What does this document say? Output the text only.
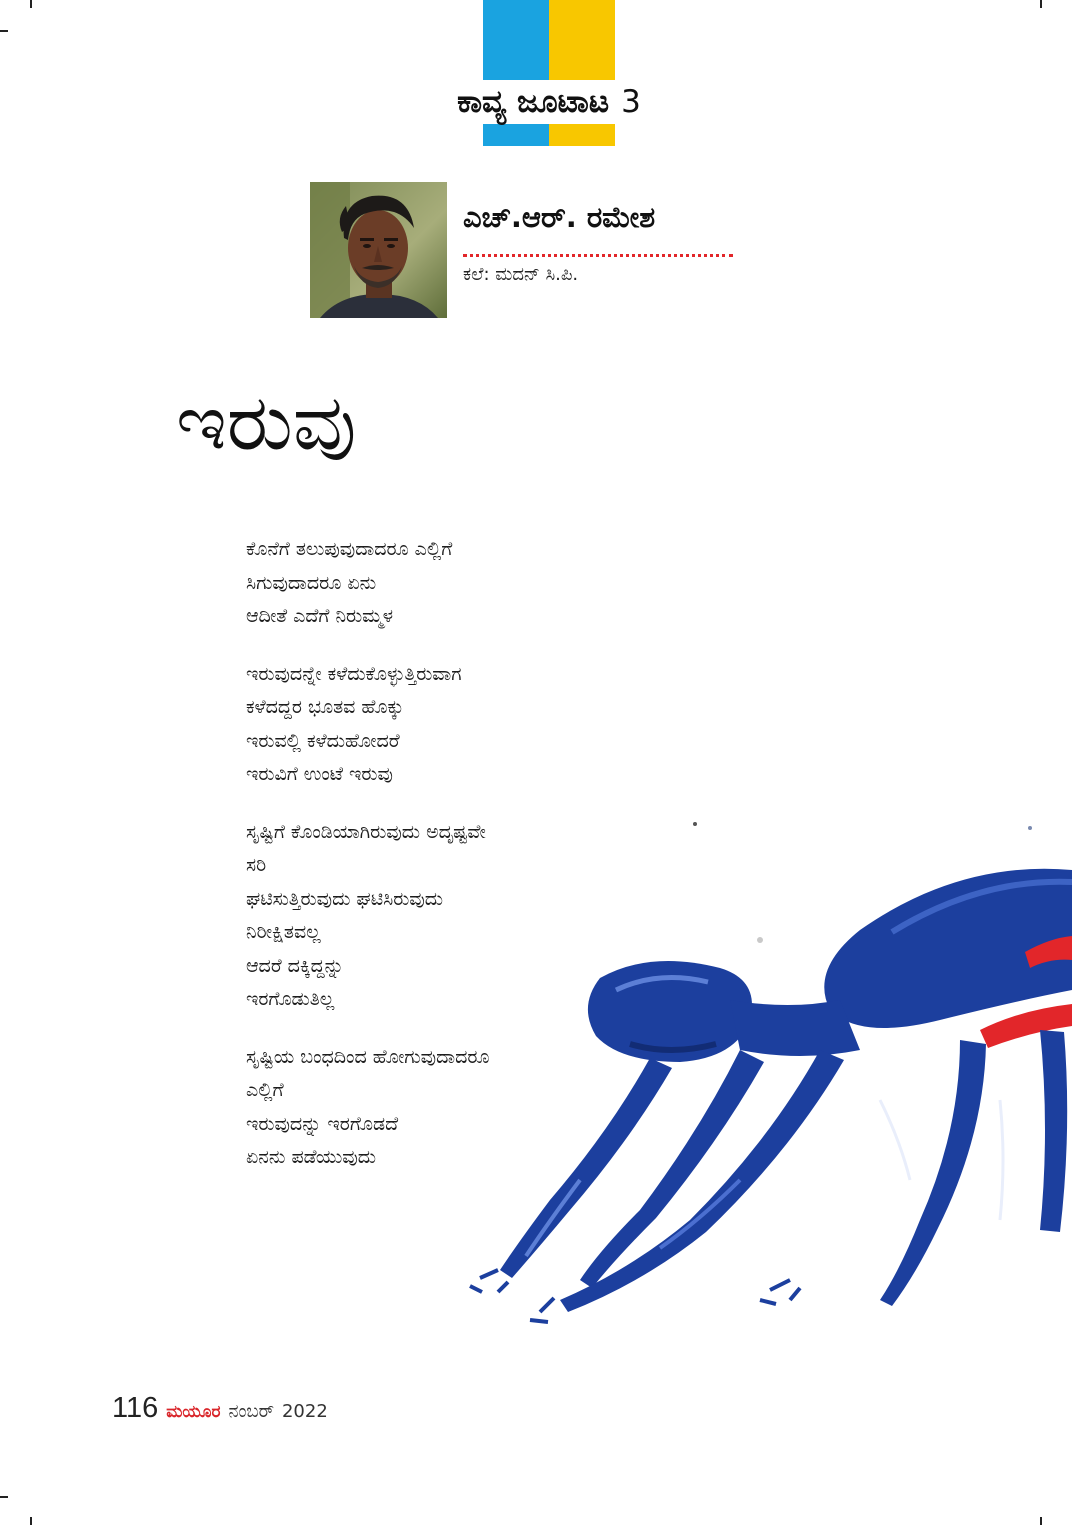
ಕಾವ್ಯ ಜೂಟಾಟ 3
ಎಚ್‌.ಆರ್‌. ರಮೇಶ
ಕಲೆ: ಮದನ್‌ ಸಿ.ಪಿ.
ಇರುವು
ಕೊನೆಗೆ ತಲುಪುವುದಾದರೂ ಎಲ್ಲಿಗೆ
ಸಿಗುವುದಾದರೂ ಏನು
ಆದೀತೆ ಎದೆಗೆ ನಿರುಮ್ಮಳ
ಇರುವುದನ್ನೇ ಕಳೆದುಕೊಳ್ಳುತ್ತಿರುವಾಗ
ಕಳೆದದ್ದರ ಭೂತವ ಹೊಕ್ಕು
ಇರುವಲ್ಲಿ ಕಳೆದುಹೋದರೆ
ಇರುವಿಗೆ ಉಂಟೆ ಇರುವು
ಸೃಷ್ಟಿಗೆ ಕೊಂಡಿಯಾಗಿರುವುದು ಅದೃಷ್ಟವೇ
ಸರಿ
ಘಟಿಸುತ್ತಿರುವುದು ಘಟಿಸಿರುವುದು
ನಿರೀಕ್ಷಿತವಲ್ಲ
ಆದರೆ ದಕ್ಕಿದ್ದನ್ನು
ಇರಗೊಡುತಿಲ್ಲ
ಸೃಷ್ಟಿಯ ಬಂಧದಿಂದ ಹೋಗುವುದಾದರೂ
ಎಲ್ಲಿಗೆ
ಇರುವುದನ್ನು ಇರಗೊಡದೆ
ಏನನು ಪಡೆಯುವುದು
116 ಮಯೂರ ನಂಬರ್ 2022
